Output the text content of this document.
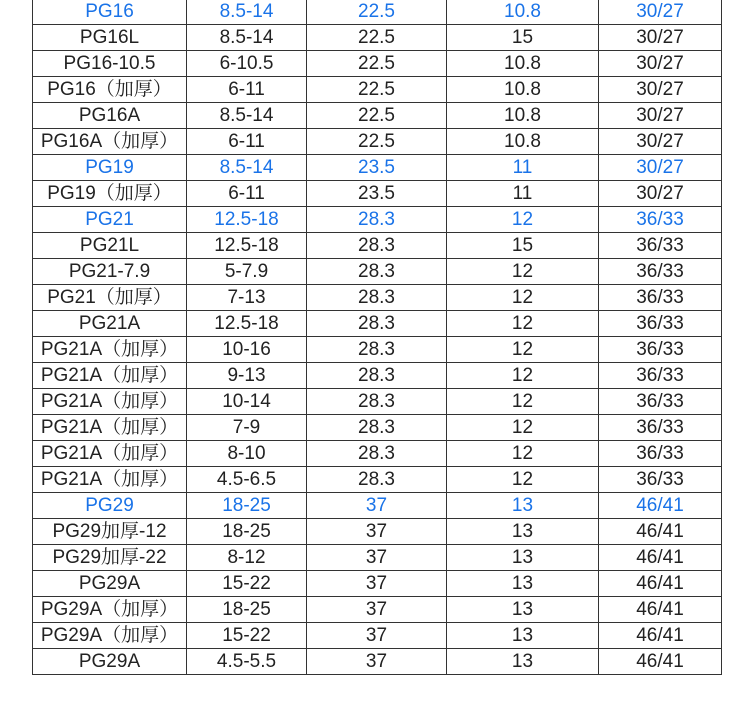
PG16	8.5-14	22.5	10.8	30/27
PG16L	8.5-14	22.5	15	30/27
PG16-10.5	6-10.5	22.5	10.8	30/27
PG16（加厚）	6-11	22.5	10.8	30/27
PG16A	8.5-14	22.5	10.8	30/27
PG16A（加厚）	6-11	22.5	10.8	30/27
PG19	8.5-14	23.5	11	30/27
PG19（加厚）	6-11	23.5	11	30/27
PG21	12.5-18	28.3	12	36/33
PG21L	12.5-18	28.3	15	36/33
PG21-7.9	5-7.9	28.3	12	36/33
PG21（加厚）	7-13	28.3	12	36/33
PG21A	12.5-18	28.3	12	36/33
PG21A（加厚）	10-16	28.3	12	36/33
PG21A（加厚）	9-13	28.3	12	36/33
PG21A（加厚）	10-14	28.3	12	36/33
PG21A（加厚）	7-9	28.3	12	36/33
PG21A（加厚）	8-10	28.3	12	36/33
PG21A（加厚）	4.5-6.5	28.3	12	36/33
PG29	18-25	37	13	46/41
PG29加厚-12	18-25	37	13	46/41
PG29加厚-22	8-12	37	13	46/41
PG29A	15-22	37	13	46/41
PG29A（加厚）	18-25	37	13	46/41
PG29A（加厚）	15-22	37	13	46/41
PG29A	4.5-5.5	37	13	46/41
